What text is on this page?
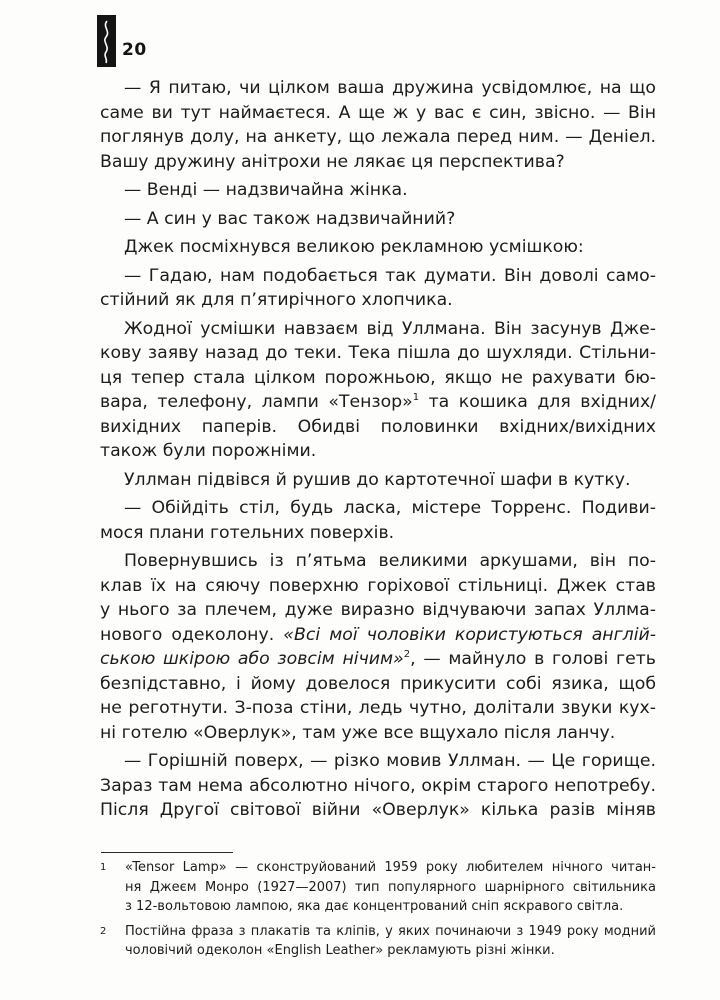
20
— Я питаю, чи цілком ваша дружина усвідомлює, на що
саме ви тут наймаєтеся. А ще ж у вас є син, звісно. — Він
поглянув долу, на анкету, що лежала перед ним. — Деніел.
Вашу дружину анітрохи не лякає ця перспектива?
— Венді — надзвичайна жінка.
— А син у вас також надзвичайний?
Джек посміхнувся великою рекламною усмішкою:
— Гадаю, нам подобається так думати. Він доволі само-
стійний як для п’ятирічного хлопчика.
Жодної усмішки навзаєм від Уллмана. Він засунув Дже-
кову заяву назад до теки. Тека пішла до шухляди. Стільни-
ця тепер стала цілком порожньою, якщо не рахувати бю-
вара, телефону, лампи «Тензор»$^1$ та кошика для вхідних/
вихідних паперів. Обидві половинки вхідних/вихідних
також були порожніми.
Уллман підвівся й рушив до картотечної шафи в кутку.
— Обійдіть стіл, будь ласка, містере Торренс. Подиви-
мося плани готельних поверхів.
Повернувшись із п’ятьма великими аркушами, він по-
клав їх на сяючу поверхню горіхової стільниці. Джек став
у нього за плечем, дуже виразно відчуваючи запах Уллма-
нового одеколону. «Всі мої чоловіки користуються англій-
ською шкірою або зовсім нічим»$^2$, — майнуло в голові геть
безпідставно, і йому довелося прикусити собі язика, щоб
не реготнути. З-поза стіни, ледь чутно, долітали звуки кух-
ні готелю «Оверлук», там уже все вщухало після ланчу.
— Горішній поверх, — різко мовив Уллман. — Це горище.
Зараз там нема абсолютно нічого, окрім старого непотребу.
Після Другої світової війни «Оверлук» кілька разів міняв
1 «Tensor Lamp» — сконструйований 1959 року любителем нічного читан-
ня Джеєм Монро (1927—2007) тип популярного шарнірного світильника
з 12-вольтовою лампою, яка дає концентрований сніп яскравого світла.
2 Постійна фраза з плакатів та кліпів, у яких починаючи з 1949 року модний
чоловічий одеколон «English Leather» рекламують різні жінки.
